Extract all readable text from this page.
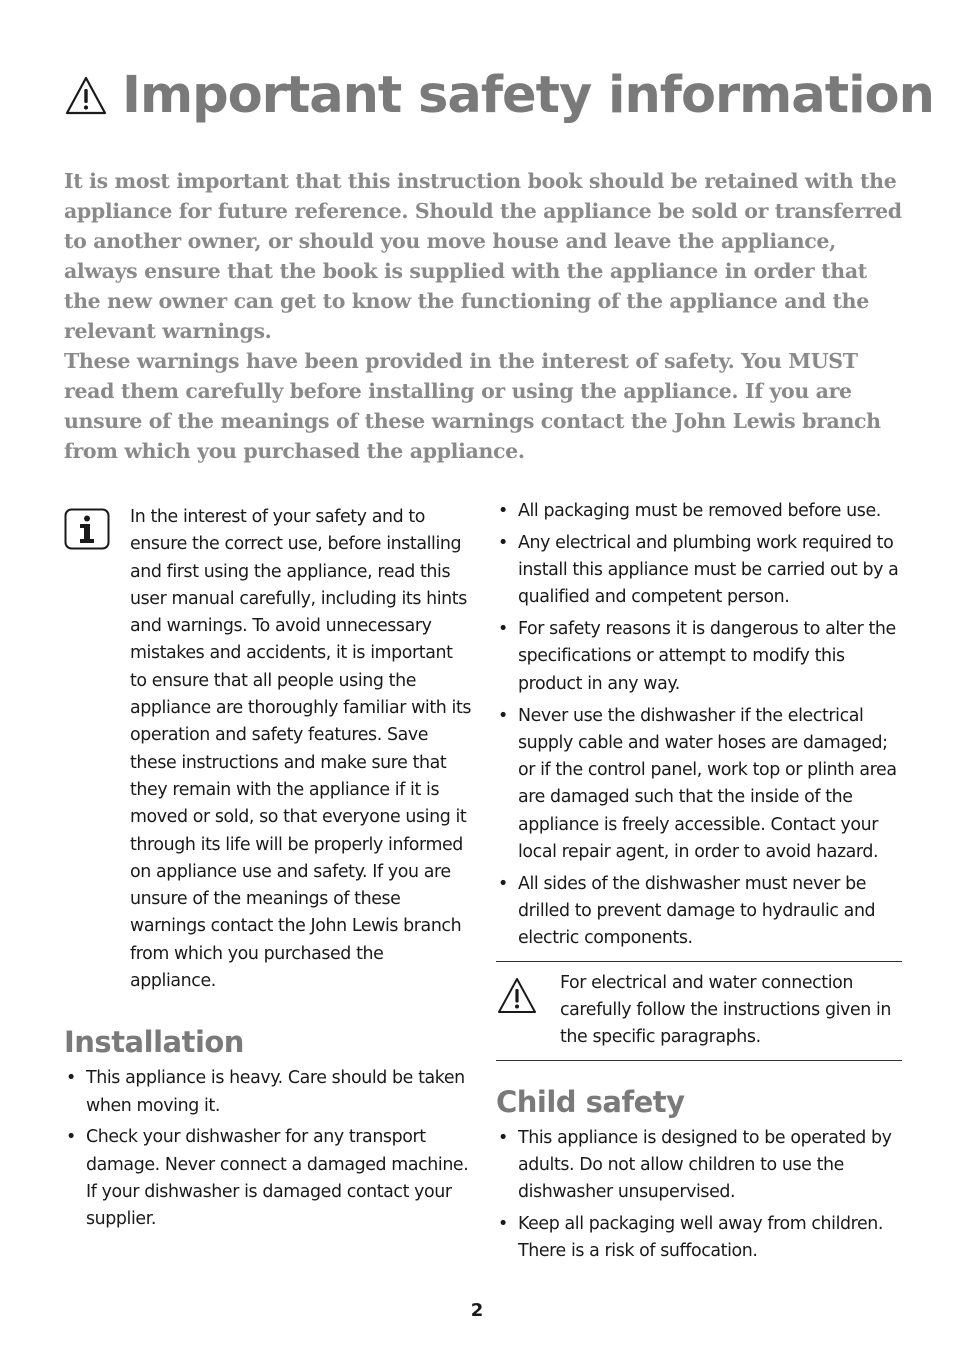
Important safety information

It is most important that this instruction book should be retained with the appliance for future reference. Should the appliance be sold or transferred to another owner, or should you move house and leave the appliance, always ensure that the book is supplied with the appliance in order that the new owner can get to know the functioning of the appliance and the relevant warnings.

These warnings have been provided in the interest of safety. You MUST read them carefully before installing or using the appliance. If you are unsure of the meanings of these warnings contact the John Lewis branch from which you purchased the appliance.

In the interest of your safety and to ensure the correct use, before installing and first using the appliance, read this user manual carefully, including its hints and warnings. To avoid unnecessary mistakes and accidents, it is important to ensure that all people using the appliance are thoroughly familiar with its operation and safety features. Save these instructions and make sure that they remain with the appliance if it is moved or sold, so that everyone using it through its life will be properly informed on appliance use and safety. If you are unsure of the meanings of these warnings contact the John Lewis branch from which you purchased the appliance.

Installation
• This appliance is heavy. Care should be taken when moving it.
• Check your dishwasher for any transport damage. Never connect a damaged machine. If your dishwasher is damaged contact your supplier.
• All packaging must be removed before use.
• Any electrical and plumbing work required to install this appliance must be carried out by a qualified and competent person.
• For safety reasons it is dangerous to alter the specifications or attempt to modify this product in any way.
• Never use the dishwasher if the electrical supply cable and water hoses are damaged; or if the control panel, work top or plinth area are damaged such that the inside of the appliance is freely accessible. Contact your local repair agent, in order to avoid hazard.
• All sides of the dishwasher must never be drilled to prevent damage to hydraulic and electric components.

For electrical and water connection carefully follow the instructions given in the specific paragraphs.

Child safety
• This appliance is designed to be operated by adults. Do not allow children to use the dishwasher unsupervised.
• Keep all packaging well away from children. There is a risk of suffocation.
2
